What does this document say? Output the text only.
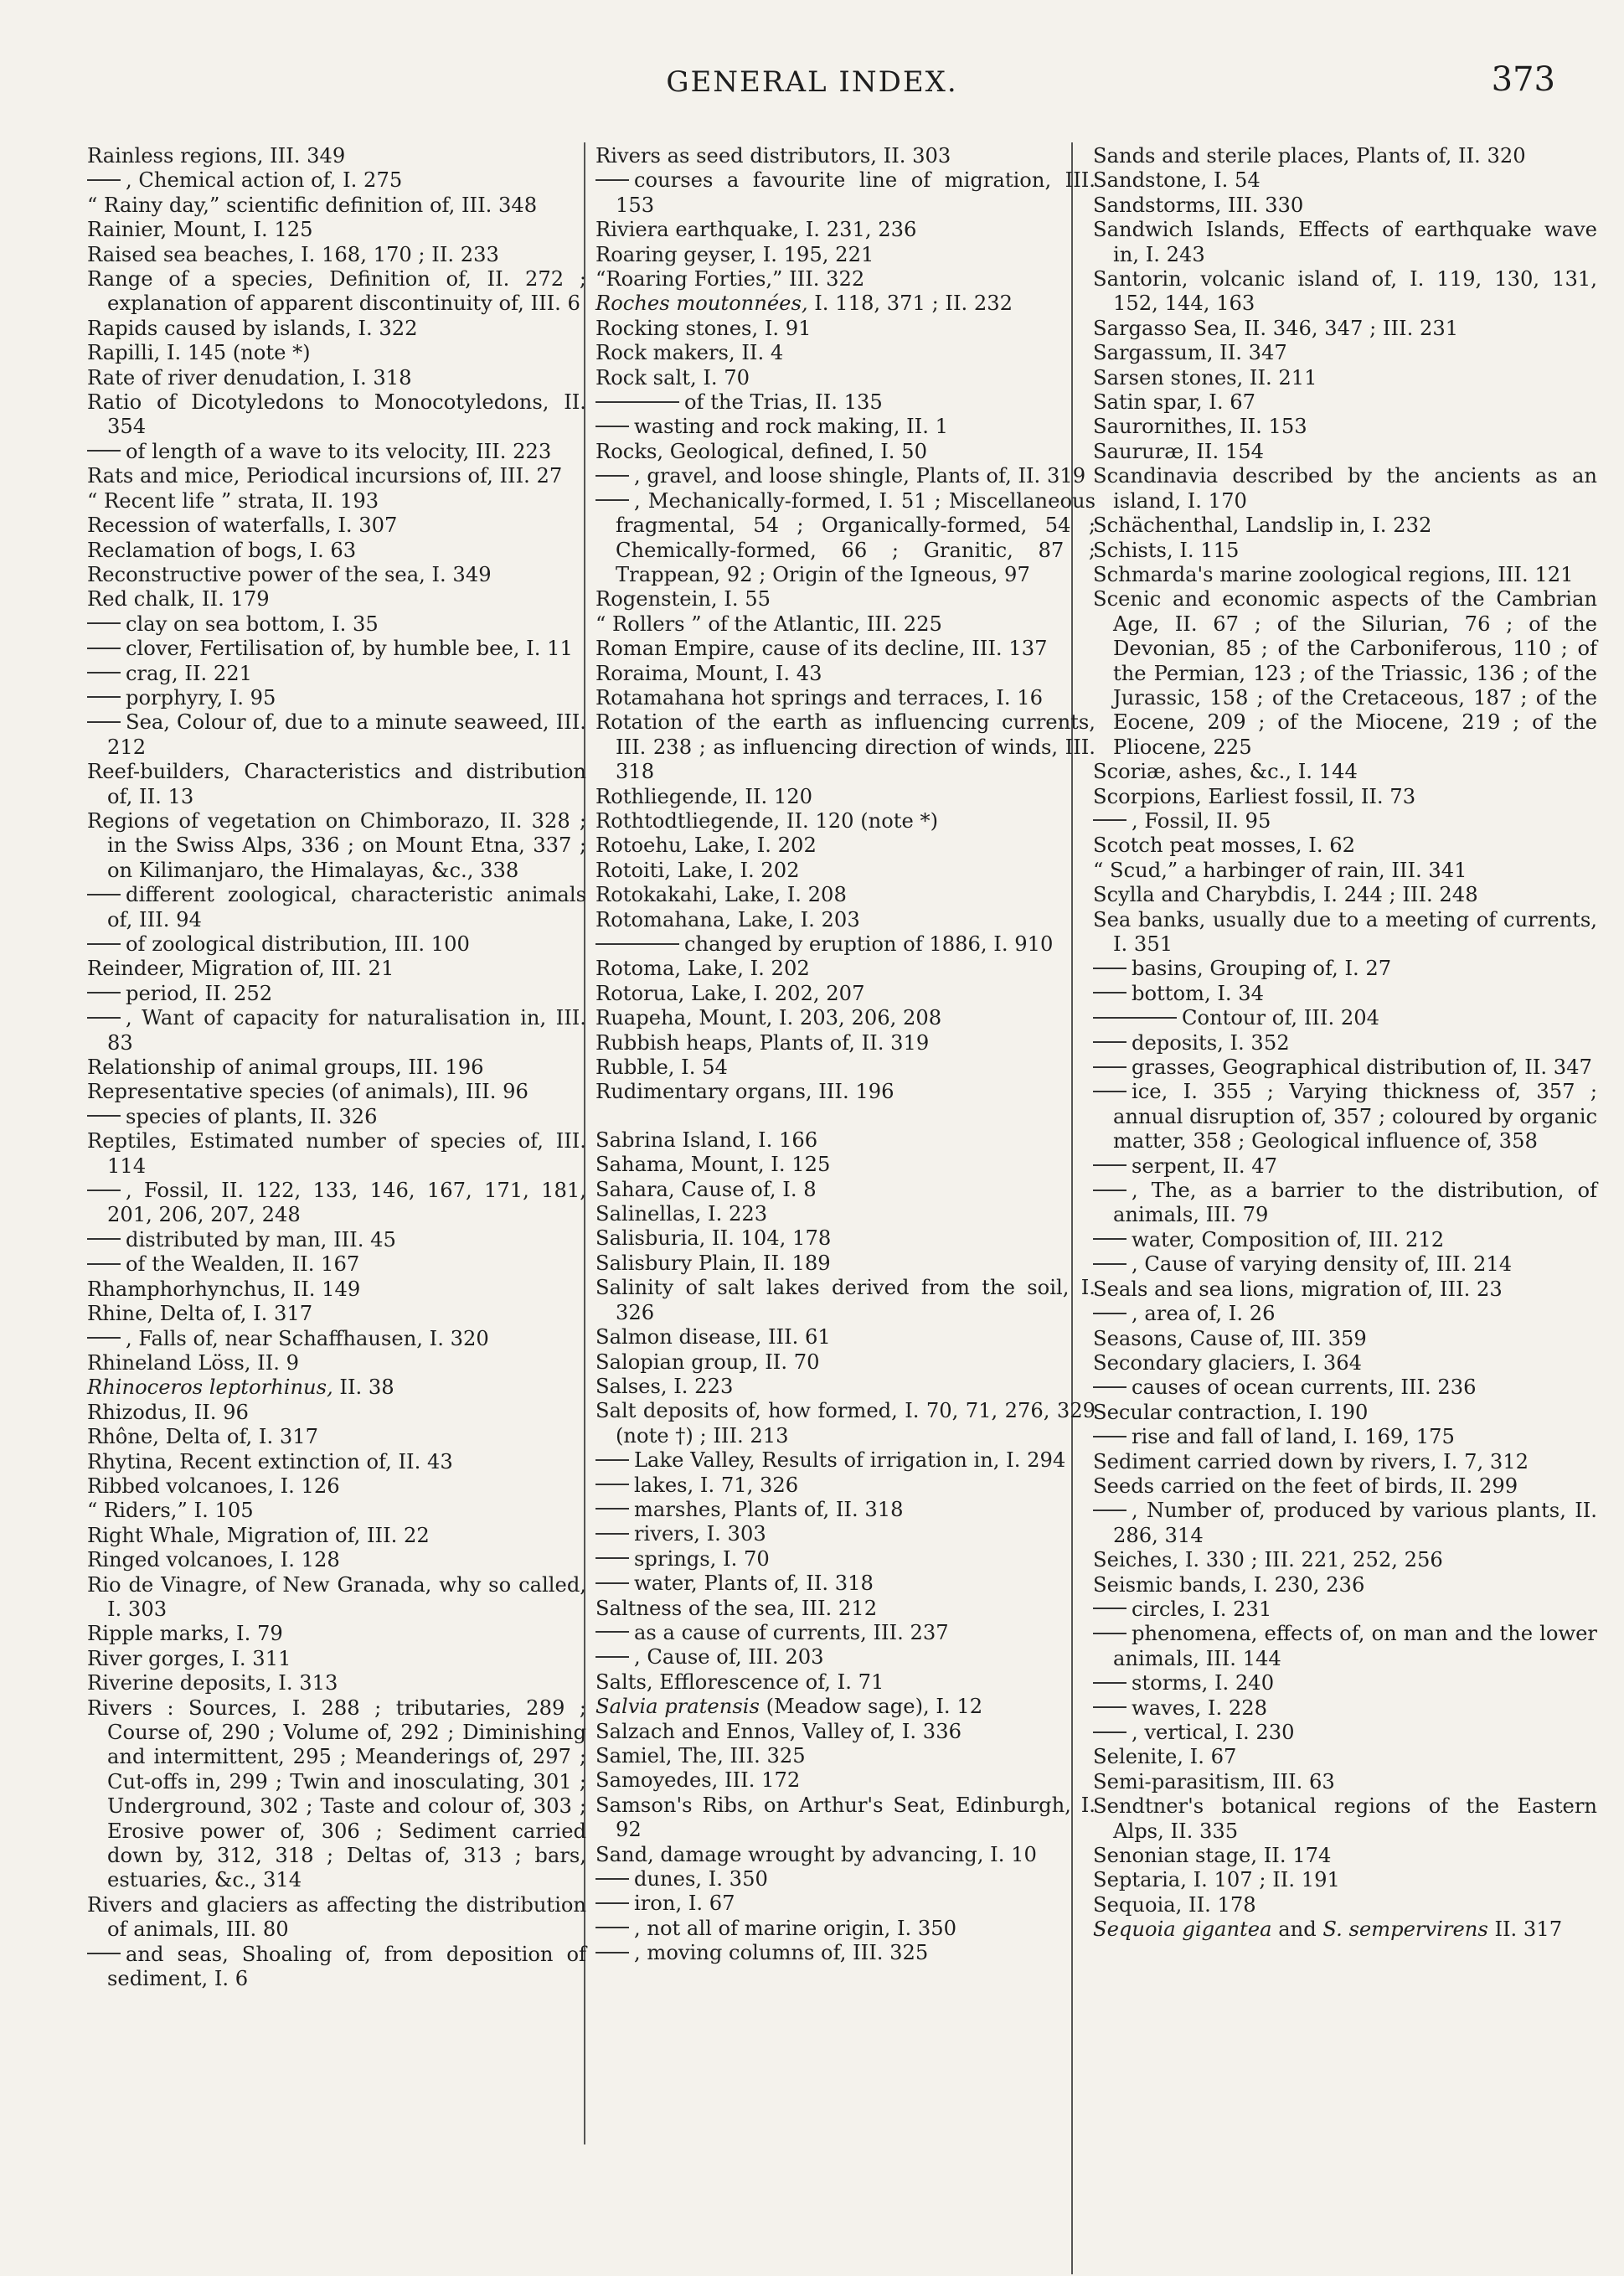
GENERAL INDEX.	373

Rainless regions, III. 349

, Chemical action of, I. 275

“ Rainy day,” scientific definition of, III. 348

Rainier, Mount, I. 125

Raised sea beaches, I. 168, 170 ; II. 233

Range of a species, Definition of, II. 272 ; explanation of apparent discontinuity of, III. 6

Rapids caused by islands, I. 322

Rapilli, I. 145 (note *)

Rate of river denudation, I. 318

Ratio of Dicotyledons to Monocotyledons, II. 354

of length of a wave to its velocity, III. 223

Rats and mice, Periodical incursions of, III. 27

“ Recent life ” strata, II. 193

Recession of waterfalls, I. 307

Reclamation of bogs, I. 63

Reconstructive power of the sea, I. 349

Red chalk, II. 179

clay on sea bottom, I. 35

clover, Fertilisation of, by humble bee, I. 11

crag, II. 221

porphyry, I. 95

Sea, Colour of, due to a minute seaweed, III. 212

Reef-builders, Characteristics and distribution of, II. 13

Regions of vegetation on Chimborazo, II. 328 ; in the Swiss Alps, 336 ; on Mount Etna, 337 ; on Kilimanjaro, the Himalayas, &c., 338

different zoological, characteristic animals of, III. 94

of zoological distribution, III. 100

Reindeer, Migration of, III. 21

period, II. 252

, Want of capacity for naturalisation in, III. 83

Relationship of animal groups, III. 196

Representative species (of animals), III. 96

species of plants, II. 326

Reptiles, Estimated number of species of, III. 114

, Fossil, II. 122, 133, 146, 167, 171, 181, 201, 206, 207, 248

distributed by man, III. 45

of the Wealden, II. 167

Rhamphorhynchus, II. 149

Rhine, Delta of, I. 317

, Falls of, near Schaffhausen, I. 320

Rhineland Löss, II. 9

Rhinoceros leptorhinus, II. 38

Rhizodus, II. 96

Rhône, Delta of, I. 317

Rhytina, Recent extinction of, II. 43

Ribbed volcanoes, I. 126

“ Riders,” I. 105

Right Whale, Migration of, III. 22

Ringed volcanoes, I. 128

Rio de Vinagre, of New Granada, why so called, I. 303

Ripple marks, I. 79

River gorges, I. 311

Riverine deposits, I. 313

Rivers : Sources, I. 288 ; tributaries, 289 ; Course of, 290 ; Volume of, 292 ; Diminishing and intermittent, 295 ; Meanderings of, 297 ; Cut-offs in, 299 ; Twin and inosculating, 301 ; Underground, 302 ; Taste and colour of, 303 ; Erosive power of, 306 ; Sediment carried down by, 312, 318 ; Deltas of, 313 ; bars, estuaries, &c., 314

Rivers and glaciers as affecting the distribution of animals, III. 80

and seas, Shoaling of, from deposition of sediment, I. 6

Rivers as seed distributors, II. 303

courses a favourite line of migration, III. 153

Riviera earthquake, I. 231, 236

Roaring geyser, I. 195, 221

“Roaring Forties,” III. 322

Roches moutonnées, I. 118, 371 ; II. 232

Rocking stones, I. 91

Rock makers, II. 4

Rock salt, I. 70

of the Trias, II. 135

wasting and rock making, II. 1

Rocks, Geological, defined, I. 50

, gravel, and loose shingle, Plants of, II. 319

, Mechanically-formed, I. 51 ; Miscellaneous fragmental, 54 ; Organically-formed, 54 ; Chemically-formed, 66 ; Granitic, 87 ; Trappean, 92 ; Origin of the Igneous, 97

Rogenstein, I. 55

“ Rollers ” of the Atlantic, III. 225

Roman Empire, cause of its decline, III. 137

Roraima, Mount, I. 43

Rotamahana hot springs and terraces, I. 16

Rotation of the earth as influencing currents, III. 238 ; as influencing direction of winds, III. 318

Rothliegende, II. 120

Rothtodtliegende, II. 120 (note *)

Rotoehu, Lake, I. 202

Rotoiti, Lake, I. 202

Rotokakahi, Lake, I. 208

Rotomahana, Lake, I. 203

changed by eruption of 1886, I. 910

Rotoma, Lake, I. 202

Rotorua, Lake, I. 202, 207

Ruapeha, Mount, I. 203, 206, 208

Rubbish heaps, Plants of, II. 319

Rubble, I. 54

Rudimentary organs, III. 196

Sabrina Island, I. 166

Sahama, Mount, I. 125

Sahara, Cause of, I. 8

Salinellas, I. 223

Salisburia, II. 104, 178

Salisbury Plain, II. 189

Salinity of salt lakes derived from the soil, I. 326

Salmon disease, III. 61

Salopian group, II. 70

Salses, I. 223

Salt deposits of, how formed, I. 70, 71, 276, 329 (note †) ; III. 213

Lake Valley, Results of irrigation in, I. 294

lakes, I. 71, 326

marshes, Plants of, II. 318

rivers, I. 303

springs, I. 70

water, Plants of, II. 318

Saltness of the sea, III. 212

as a cause of currents, III. 237

, Cause of, III. 203

Salts, Efflorescence of, I. 71

Salvia pratensis (Meadow sage), I. 12

Salzach and Ennos, Valley of, I. 336

Samiel, The, III. 325

Samoyedes, III. 172

Samson's Ribs, on Arthur's Seat, Edinburgh, I. 92

Sand, damage wrought by advancing, I. 10

dunes, I. 350

iron, I. 67

, not all of marine origin, I. 350

, moving columns of, III. 325

Sands and sterile places, Plants of, II. 320

Sandstone, I. 54

Sandstorms, III. 330

Sandwich Islands, Effects of earthquake wave in, I. 243

Santorin, volcanic island of, I. 119, 130, 131, 152, 144, 163

Sargasso Sea, II. 346, 347 ; III. 231

Sargassum, II. 347

Sarsen stones, II. 211

Satin spar, I. 67

Saurornithes, II. 153

Saururæ, II. 154

Scandinavia described by the ancients as an island, I. 170

Schächenthal, Landslip in, I. 232

Schists, I. 115

Schmarda's marine zoological regions, III. 121

Scenic and economic aspects of the Cambrian Age, II. 67 ; of the Silurian, 76 ; of the Devonian, 85 ; of the Carboniferous, 110 ; of the Permian, 123 ; of the Triassic, 136 ; of the Jurassic, 158 ; of the Cretaceous, 187 ; of the Eocene, 209 ; of the Miocene, 219 ; of the Pliocene, 225

Scoriæ, ashes, &c., I. 144

Scorpions, Earliest fossil, II. 73

, Fossil, II. 95

Scotch peat mosses, I. 62

“ Scud,” a harbinger of rain, III. 341

Scylla and Charybdis, I. 244 ; III. 248

Sea banks, usually due to a meeting of currents, I. 351

basins, Grouping of, I. 27

bottom, I. 34

Contour of, III. 204

deposits, I. 352

grasses, Geographical distribution of, II. 347

ice, I. 355 ; Varying thickness of, 357 ; annual disruption of, 357 ; coloured by organic matter, 358 ; Geological influence of, 358

serpent, II. 47

, The, as a barrier to the distribution, of animals, III. 79

water, Composition of, III. 212

, Cause of varying density of, III. 214

Seals and sea lions, migration of, III. 23

, area of, I. 26

Seasons, Cause of, III. 359

Secondary glaciers, I. 364

causes of ocean currents, III. 236

Secular contraction, I. 190

rise and fall of land, I. 169, 175

Sediment carried down by rivers, I. 7, 312

Seeds carried on the feet of birds, II. 299

, Number of, produced by various plants, II. 286, 314

Seiches, I. 330 ; III. 221, 252, 256

Seismic bands, I. 230, 236

circles, I. 231

phenomena, effects of, on man and the lower animals, III. 144

storms, I. 240

waves, I. 228

, vertical, I. 230

Selenite, I. 67

Semi-parasitism, III. 63

Sendtner's botanical regions of the Eastern Alps, II. 335

Senonian stage, II. 174

Septaria, I. 107 ; II. 191

Sequoia, II. 178

Sequoia gigantea and S. sempervirens II. 317
